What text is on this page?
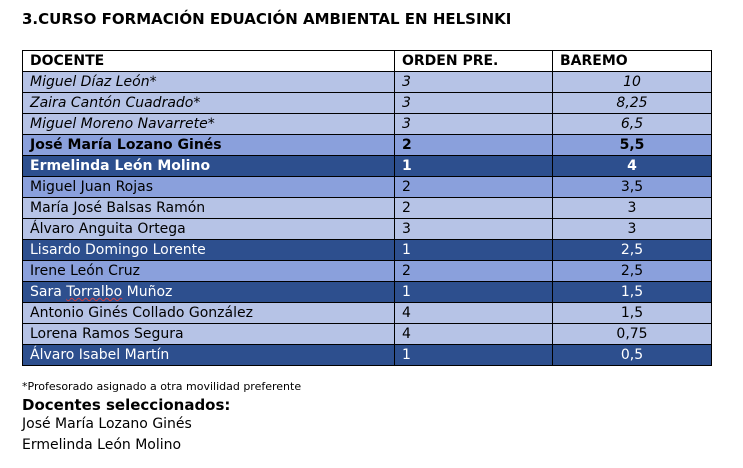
3.CURSO FORMACIÓN EDUACIÓN AMBIENTAL EN HELSINKI
DOCENTE	ORDEN PRE.	BAREMO
Miguel Díaz León*	3	10
Zaira Cantón Cuadrado*	3	8,25
Miguel Moreno Navarrete*	3	6,5
José María Lozano Ginés	2	5,5
Ermelinda León Molino	1	4
Miguel Juan Rojas	2	3,5
María José Balsas Ramón	2	3
Álvaro Anguita Ortega	3	3
Lisardo Domingo Lorente	1	2,5
Irene León Cruz	2	2,5
Sara Torralbo Muñoz	1	1,5
Antonio Ginés Collado González	4	1,5
Lorena Ramos Segura	4	0,75
Álvaro Isabel Martín	1	0,5
*Profesorado asignado a otra movilidad preferente
Docentes seleccionados:
José María Lozano Ginés
Ermelinda León Molino
